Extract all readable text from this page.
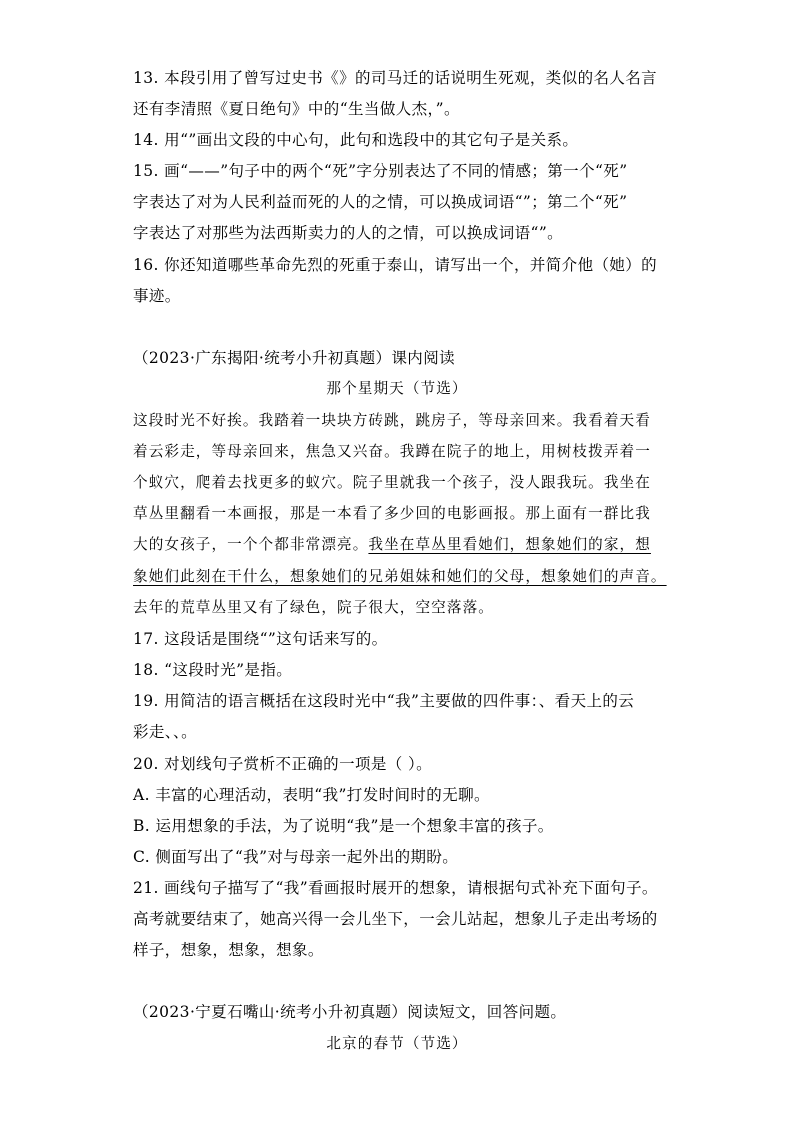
13. 本段引用了曾写过史书《》的司马迁的话说明生死观，类似的名人名言
还有李清照《夏日绝句》中的“生当做人杰，”。
14. 用“”画出文段的中心句，此句和选段中的其它句子是关系。
15. 画“——”句子中的两个“死”字分别表达了不同的情感；第一个“死”
字表达了对为人民利益而死的人的之情，可以换成词语“”；第二个“死”
字表达了对那些为法西斯卖力的人的之情，可以换成词语“”。
16. 你还知道哪些革命先烈的死重于泰山，请写出一个，并简介他（她）的
事迹。
（2023·广东揭阳·统考小升初真题）课内阅读
那个星期天（节选）
这段时光不好挨。我踏着一块块方砖跳，跳房子，等母亲回来。我看着天看
着云彩走，等母亲回来，焦急又兴奋。我蹲在院子的地上，用树枝拨弄着一
个蚁穴，爬着去找更多的蚁穴。院子里就我一个孩子，没人跟我玩。我坐在
草丛里翻看一本画报，那是一本看了多少回的电影画报。那上面有一群比我
大的女孩子，一个个都非常漂亮。我坐在草丛里看她们，想象她们的家，想
象她们此刻在干什么，想象她们的兄弟姐妹和她们的父母，想象她们的声音。
去年的荒草丛里又有了绿色，院子很大，空空落落。
17. 这段话是围绕“”这句话来写的。
18. “这段时光”是指。
19. 用简洁的语言概括在这段时光中“我”主要做的四件事：、看天上的云
彩走、、。
20. 对划线句子赏析不正确的一项是（ ）。
A. 丰富的心理活动，表明“我”打发时间时的无聊。
B. 运用想象的手法，为了说明“我”是一个想象丰富的孩子。
C. 侧面写出了“我”对与母亲一起外出的期盼。
21. 画线句子描写了“我”看画报时展开的想象，请根据句式补充下面句子。
高考就要结束了，她高兴得一会儿坐下，一会儿站起，想象儿子走出考场的
样子，想象，想象，想象。
（2023·宁夏石嘴山·统考小升初真题）阅读短文，回答问题。
北京的春节（节选）
